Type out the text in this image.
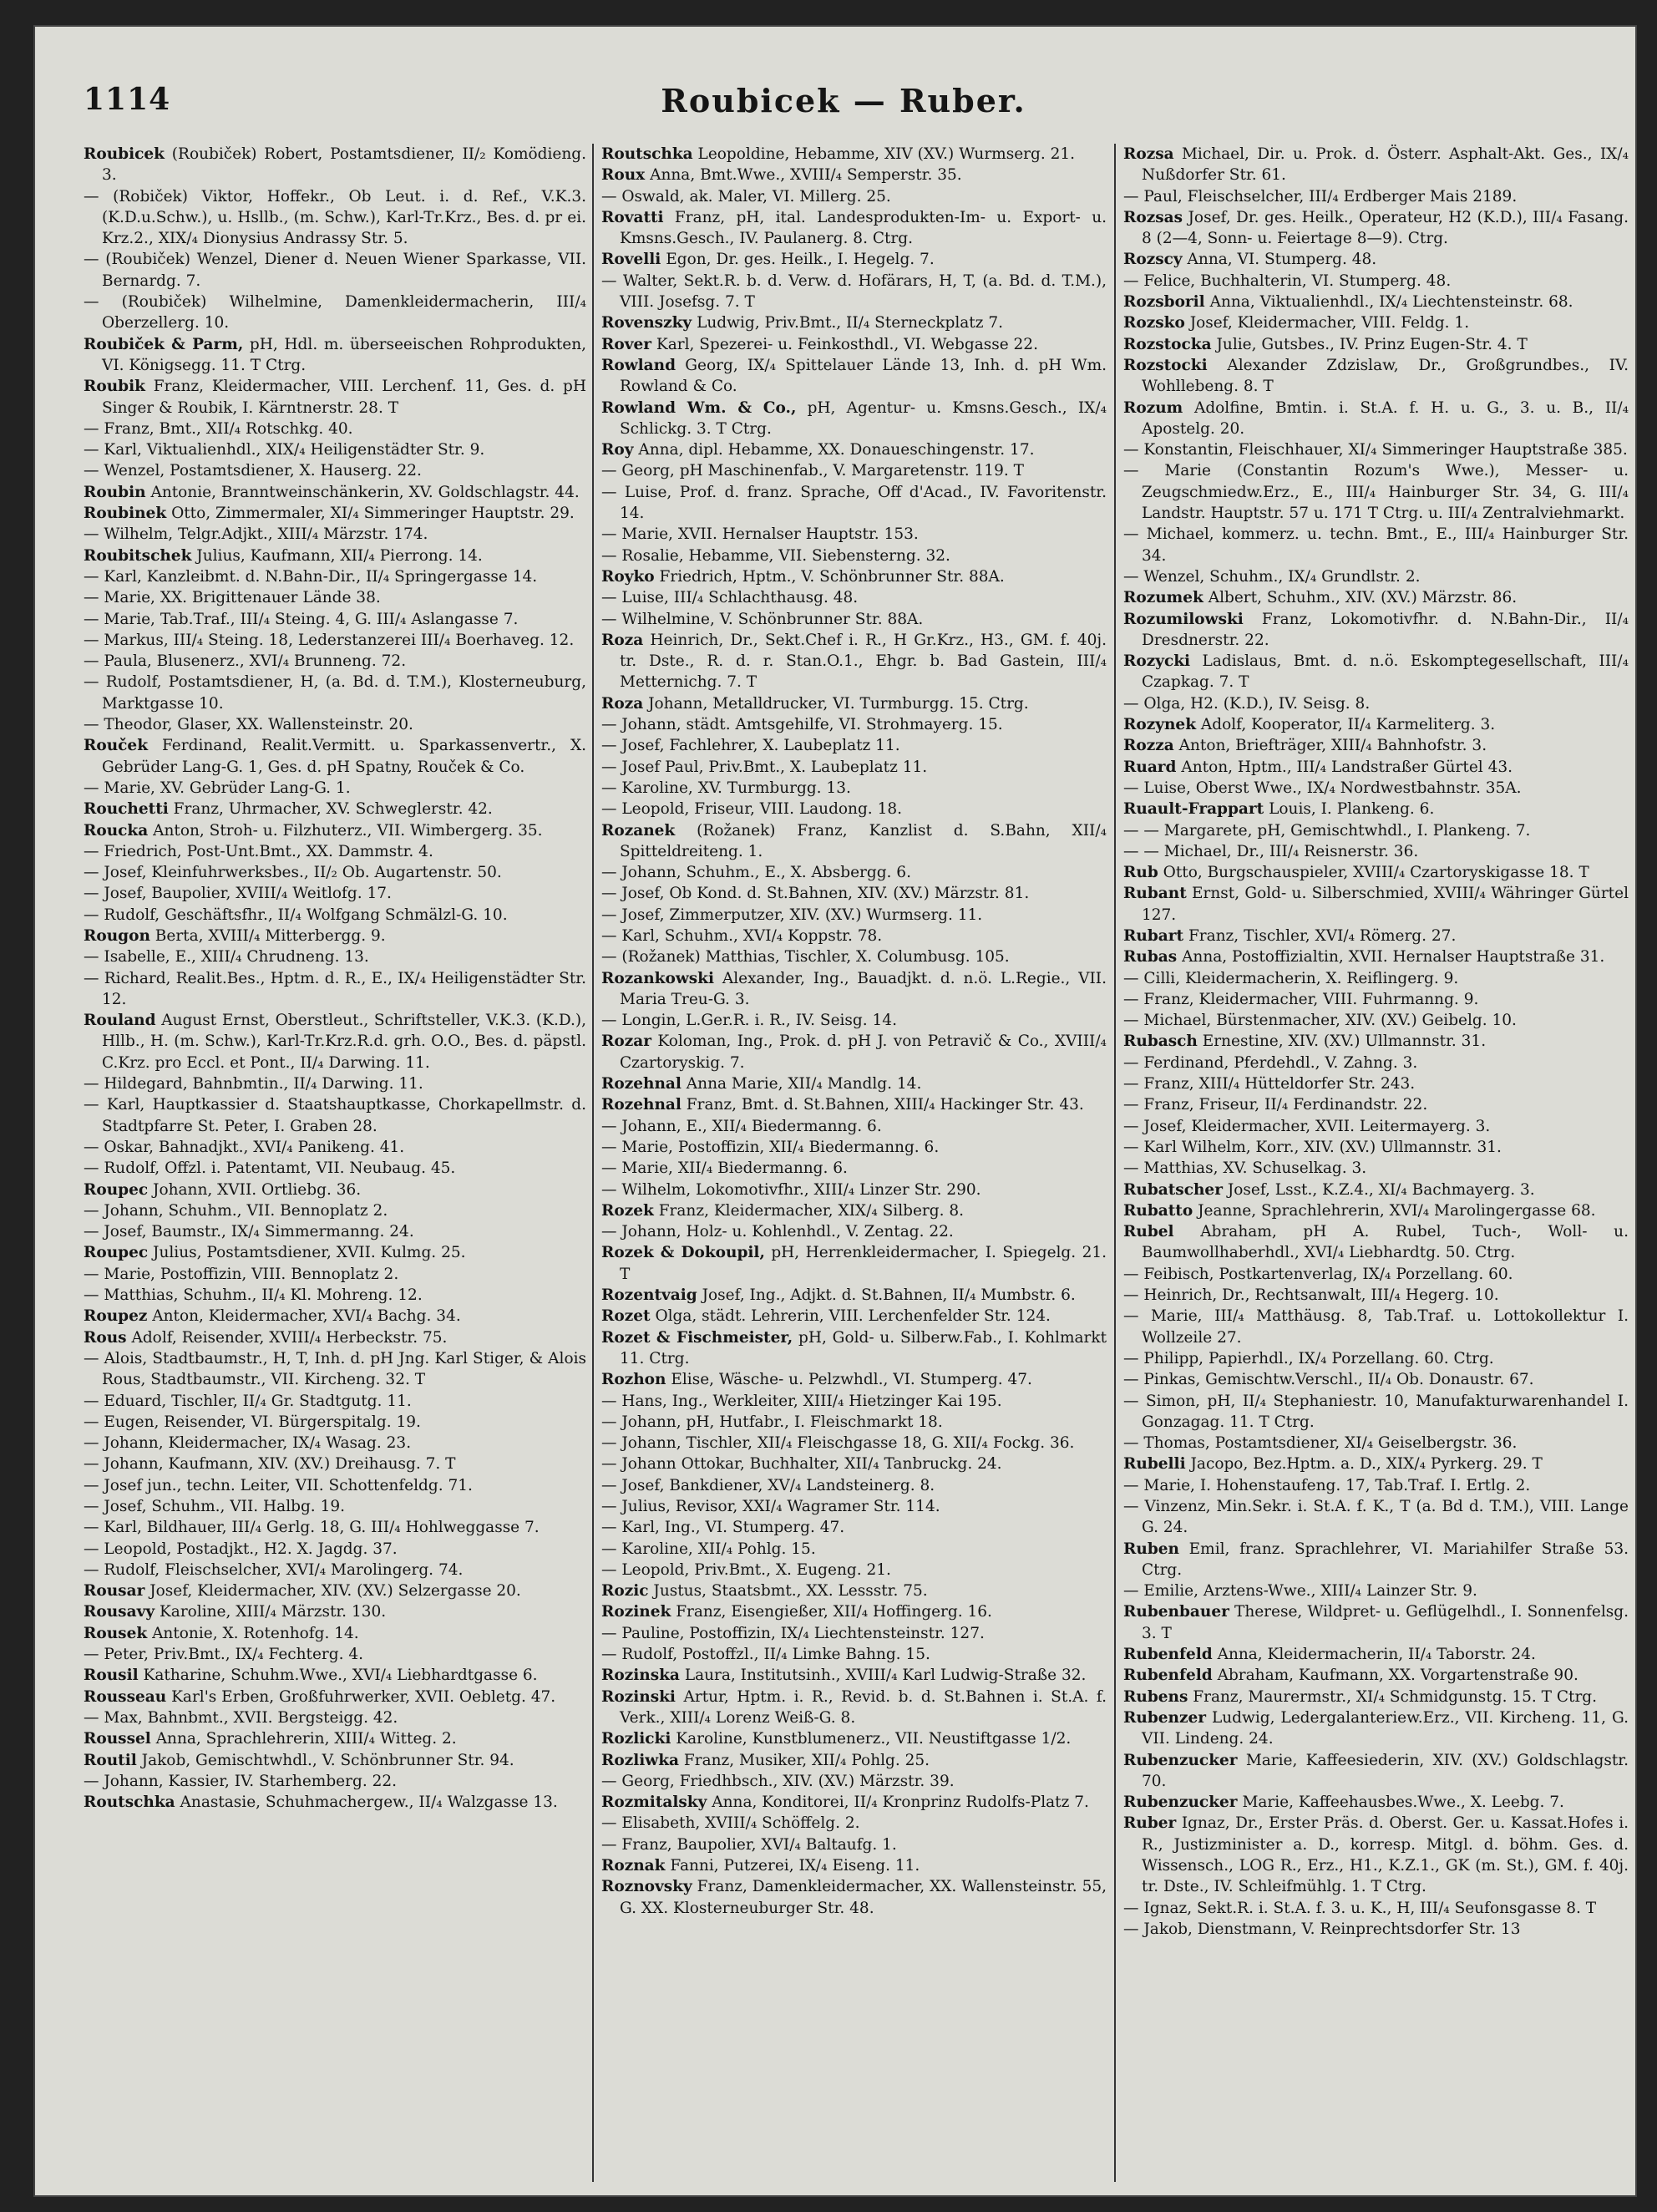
1114	Roubicek — Ruber.

Roubicek (Roubiček) Robert, Postamtsdiener, II/₂ Komödieng. 3.

— (Robiček) Viktor, Hoffekr., Ob Leut. i. d. Ref., V.K.3. (K.D.u.Schw.), u. Hsllb., (m. Schw.), Karl-Tr.Krz., Bes. d. pr ei. Krz.2., XIX/₄ Dionysius Andrassy Str. 5.

— (Roubiček) Wenzel, Diener d. Neuen Wiener Sparkasse, VII. Bernardg. 7.

— (Roubiček) Wilhelmine, Damenkleidermacherin, III/₄ Oberzellerg. 10.

Roubiček & Parm, pH, Hdl. m. überseeischen Rohprodukten, VI. Königsegg. 11. T Ctrg.

Roubik Franz, Kleidermacher, VIII. Lerchenf. 11, Ges. d. pH Singer & Roubik, I. Kärntnerstr. 28. T

— Franz, Bmt., XII/₄ Rotschkg. 40.

— Karl, Viktualienhdl., XIX/₄ Heiligenstädter Str. 9.

— Wenzel, Postamtsdiener, X. Hauserg. 22.

Roubin Antonie, Branntweinschänkerin, XV. Goldschlagstr. 44.

Roubinek Otto, Zimmermaler, XI/₄ Simmeringer Hauptstr. 29.

— Wilhelm, Telgr.Adjkt., XIII/₄ Märzstr. 174.

Roubitschek Julius, Kaufmann, XII/₄ Pierrong. 14.

— Karl, Kanzleibmt. d. N.Bahn-Dir., II/₄ Springergasse 14.

— Marie, XX. Brigittenauer Lände 38.

— Marie, Tab.Traf., III/₄ Steing. 4, G. III/₄ Aslangasse 7.

— Markus, III/₄ Steing. 18, Lederstanzerei III/₄ Boerhaveg. 12.

— Paula, Blusenerz., XVI/₄ Brunneng. 72.

— Rudolf, Postamtsdiener, H, (a. Bd. d. T.M.), Klosterneuburg, Marktgasse 10.

— Theodor, Glaser, XX. Wallensteinstr. 20.

Rouček Ferdinand, Realit.Vermitt. u. Sparkassenvertr., X. Gebrüder Lang-G. 1, Ges. d. pH Spatny, Rouček & Co.

— Marie, XV. Gebrüder Lang-G. 1.

Rouchetti Franz, Uhrmacher, XV. Schweglerstr. 42.

Roucka Anton, Stroh- u. Filzhuterz., VII. Wimbergerg. 35.

— Friedrich, Post-Unt.Bmt., XX. Dammstr. 4.

— Josef, Kleinfuhrwerksbes., II/₂ Ob. Augartenstr. 50.

— Josef, Baupolier, XVIII/₄ Weitlofg. 17.

— Rudolf, Geschäftsfhr., II/₄ Wolfgang Schmälzl-G. 10.

Rougon Berta, XVIII/₄ Mitterbergg. 9.

— Isabelle, E., XIII/₄ Chrudneng. 13.

— Richard, Realit.Bes., Hptm. d. R., E., IX/₄ Heiligenstädter Str. 12.

Rouland August Ernst, Oberstleut., Schriftsteller, V.K.3. (K.D.), Hllb., H. (m. Schw.), Karl-Tr.Krz.R.d. grh. O.O., Bes. d. päpstl. C.Krz. pro Eccl. et Pont., II/₄ Darwing. 11.

— Hildegard, Bahnbmtin., II/₄ Darwing. 11.

— Karl, Hauptkassier d. Staatshauptkasse, Chorkapellmstr. d. Stadtpfarre St. Peter, I. Graben 28.

— Oskar, Bahnadjkt., XVI/₄ Panikeng. 41.

— Rudolf, Offzl. i. Patentamt, VII. Neubaug. 45.

Roupec Johann, XVII. Ortliebg. 36.

— Johann, Schuhm., VII. Bennoplatz 2.

— Josef, Baumstr., IX/₄ Simmermanng. 24.

Roupec Julius, Postamtsdiener, XVII. Kulmg. 25.

— Marie, Postoffizin, VIII. Bennoplatz 2.

— Matthias, Schuhm., II/₄ Kl. Mohreng. 12.

Roupez Anton, Kleidermacher, XVI/₄ Bachg. 34.

Rous Adolf, Reisender, XVIII/₄ Herbeckstr. 75.

— Alois, Stadtbaumstr., H, T, Inh. d. pH Jng. Karl Stiger, & Alois Rous, Stadtbaumstr., VII. Kircheng. 32. T

— Eduard, Tischler, II/₄ Gr. Stadtgutg. 11.

— Eugen, Reisender, VI. Bürgerspitalg. 19.

— Johann, Kleidermacher, IX/₄ Wasag. 23.

— Johann, Kaufmann, XIV. (XV.) Dreihausg. 7. T

— Josef jun., techn. Leiter, VII. Schottenfeldg. 71.

— Josef, Schuhm., VII. Halbg. 19.

— Karl, Bildhauer, III/₄ Gerlg. 18, G. III/₄ Hohlweggasse 7.

— Leopold, Postadjkt., H2. X. Jagdg. 37.

— Rudolf, Fleischselcher, XVI/₄ Marolingerg. 74.

Rousar Josef, Kleidermacher, XIV. (XV.) Selzergasse 20.

Rousavy Karoline, XIII/₄ Märzstr. 130.

Rousek Antonie, X. Rotenhofg. 14.

— Peter, Priv.Bmt., IX/₄ Fechterg. 4.

Rousil Katharine, Schuhm.Wwe., XVI/₄ Liebhardtgasse 6.

Rousseau Karl's Erben, Großfuhrwerker, XVII. Oebletg. 47.

— Max, Bahnbmt., XVII. Bergsteigg. 42.

Roussel Anna, Sprachlehrerin, XIII/₄ Witteg. 2.

Routil Jakob, Gemischtwhdl., V. Schönbrunner Str. 94.

— Johann, Kassier, IV. Starhemberg. 22.

Routschka Anastasie, Schuhmachergew., II/₄ Walzgasse 13.

Routschka Leopoldine, Hebamme, XIV (XV.) Wurmserg. 21.

Roux Anna, Bmt.Wwe., XVIII/₄ Semperstr. 35.

— Oswald, ak. Maler, VI. Millerg. 25.

Rovatti Franz, pH, ital. Landesprodukten-Im- u. Export- u. Kmsns.Gesch., IV. Paulanerg. 8. Ctrg.

Rovelli Egon, Dr. ges. Heilk., I. Hegelg. 7.

— Walter, Sekt.R. b. d. Verw. d. Hofärars, H, T, (a. Bd. d. T.M.), VIII. Josefsg. 7. T

Rovenszky Ludwig, Priv.Bmt., II/₄ Sterneckplatz 7.

Rover Karl, Spezerei- u. Feinkosthdl., VI. Webgasse 22.

Rowland Georg, IX/₄ Spittelauer Lände 13, Inh. d. pH Wm. Rowland & Co.

Rowland Wm. & Co., pH, Agentur- u. Kmsns.Gesch., IX/₄ Schlickg. 3. T Ctrg.

Roy Anna, dipl. Hebamme, XX. Donaueschingenstr. 17.

— Georg, pH Maschinenfab., V. Margaretenstr. 119. T

— Luise, Prof. d. franz. Sprache, Off d'Acad., IV. Favoritenstr. 14.

— Marie, XVII. Hernalser Hauptstr. 153.

— Rosalie, Hebamme, VII. Siebensterng. 32.

Royko Friedrich, Hptm., V. Schönbrunner Str. 88A.

— Luise, III/₄ Schlachthausg. 48.

— Wilhelmine, V. Schönbrunner Str. 88A.

Roza Heinrich, Dr., Sekt.Chef i. R., H Gr.Krz., H3., GM. f. 40j. tr. Dste., R. d. r. Stan.O.1., Ehgr. b. Bad Gastein, III/₄ Metternichg. 7. T

Roza Johann, Metalldrucker, VI. Turmburgg. 15. Ctrg.

— Johann, städt. Amtsgehilfe, VI. Strohmayerg. 15.

— Josef, Fachlehrer, X. Laubeplatz 11.

— Josef Paul, Priv.Bmt., X. Laubeplatz 11.

— Karoline, XV. Turmburgg. 13.

— Leopold, Friseur, VIII. Laudong. 18.

Rozanek (Rožanek) Franz, Kanzlist d. S.Bahn, XII/₄ Spitteldreiteng. 1.

— Johann, Schuhm., E., X. Absbergg. 6.

— Josef, Ob Kond. d. St.Bahnen, XIV. (XV.) Märzstr. 81.

— Josef, Zimmerputzer, XIV. (XV.) Wurmserg. 11.

— Karl, Schuhm., XVI/₄ Koppstr. 78.

— (Rožanek) Matthias, Tischler, X. Columbusg. 105.

Rozankowski Alexander, Ing., Bauadjkt. d. n.ö. L.Regie., VII. Maria Treu-G. 3.

— Longin, L.Ger.R. i. R., IV. Seisg. 14.

Rozar Koloman, Ing., Prok. d. pH J. von Petravič & Co., XVIII/₄ Czartoryskig. 7.

Rozehnal Anna Marie, XII/₄ Mandlg. 14.

Rozehnal Franz, Bmt. d. St.Bahnen, XIII/₄ Hackinger Str. 43.

— Johann, E., XII/₄ Biedermanng. 6.

— Marie, Postoffizin, XII/₄ Biedermanng. 6.

— Marie, XII/₄ Biedermanng. 6.

— Wilhelm, Lokomotivfhr., XIII/₄ Linzer Str. 290.

Rozek Franz, Kleidermacher, XIX/₄ Silberg. 8.

— Johann, Holz- u. Kohlenhdl., V. Zentag. 22.

Rozek & Dokoupil, pH, Herrenkleidermacher, I. Spiegelg. 21. T

Rozentvaig Josef, Ing., Adjkt. d. St.Bahnen, II/₄ Mumbstr. 6.

Rozet Olga, städt. Lehrerin, VIII. Lerchenfelder Str. 124.

Rozet & Fischmeister, pH, Gold- u. Silberw.Fab., I. Kohlmarkt 11. Ctrg.

Rozhon Elise, Wäsche- u. Pelzwhdl., VI. Stumperg. 47.

— Hans, Ing., Werkleiter, XIII/₄ Hietzinger Kai 195.

— Johann, pH, Hutfabr., I. Fleischmarkt 18.

— Johann, Tischler, XII/₄ Fleischgasse 18, G. XII/₄ Fockg. 36.

— Johann Ottokar, Buchhalter, XII/₄ Tanbruckg. 24.

— Josef, Bankdiener, XV/₄ Landsteinerg. 8.

— Julius, Revisor, XXI/₄ Wagramer Str. 114.

— Karl, Ing., VI. Stumperg. 47.

— Karoline, XII/₄ Pohlg. 15.

— Leopold, Priv.Bmt., X. Eugeng. 21.

Rozic Justus, Staatsbmt., XX. Lessstr. 75.

Rozinek Franz, Eisengießer, XII/₄ Hoffingerg. 16.

— Pauline, Postoffizin, IX/₄ Liechtensteinstr. 127.

— Rudolf, Postoffzl., II/₄ Limke Bahng. 15.

Rozinska Laura, Institutsinh., XVIII/₄ Karl Ludwig-Straße 32.

Rozinski Artur, Hptm. i. R., Revid. b. d. St.Bahnen i. St.A. f. Verk., XIII/₄ Lorenz Weiß-G. 8.

Rozlicki Karoline, Kunstblumenerz., VII. Neustiftgasse 1/2.

Rozliwka Franz, Musiker, XII/₄ Pohlg. 25.

— Georg, Friedhbsch., XIV. (XV.) Märzstr. 39.

Rozmitalsky Anna, Konditorei, II/₄ Kronprinz Rudolfs-Platz 7.

— Elisabeth, XVIII/₄ Schöffelg. 2.

— Franz, Baupolier, XVI/₄ Baltaufg. 1.

Roznak Fanni, Putzerei, IX/₄ Eiseng. 11.

Roznovsky Franz, Damenkleidermacher, XX. Wallensteinstr. 55, G. XX. Klosterneuburger Str. 48.

Rozsa Michael, Dir. u. Prok. d. Österr. Asphalt-Akt. Ges., IX/₄ Nußdorfer Str. 61.

— Paul, Fleischselcher, III/₄ Erdberger Mais 2189.

Rozsas Josef, Dr. ges. Heilk., Operateur, H2 (K.D.), III/₄ Fasang. 8 (2—4, Sonn- u. Feiertage 8—9). Ctrg.

Rozscy Anna, VI. Stumperg. 48.

— Felice, Buchhalterin, VI. Stumperg. 48.

Rozsboril Anna, Viktualienhdl., IX/₄ Liechtensteinstr. 68.

Rozsko Josef, Kleidermacher, VIII. Feldg. 1.

Rozstocka Julie, Gutsbes., IV. Prinz Eugen-Str. 4. T

Rozstocki Alexander Zdzislaw, Dr., Großgrundbes., IV. Wohllebeng. 8. T

Rozum Adolfine, Bmtin. i. St.A. f. H. u. G., 3. u. B., II/₄ Apostelg. 20.

— Konstantin, Fleischhauer, XI/₄ Simmeringer Hauptstraße 385.

— Marie (Constantin Rozum's Wwe.), Messer- u. Zeugschmiedw.Erz., E., III/₄ Hainburger Str. 34, G. III/₄ Landstr. Hauptstr. 57 u. 171 T Ctrg. u. III/₄ Zentralviehmarkt.

— Michael, kommerz. u. techn. Bmt., E., III/₄ Hainburger Str. 34.

— Wenzel, Schuhm., IX/₄ Grundlstr. 2.

Rozumek Albert, Schuhm., XIV. (XV.) Märzstr. 86.

Rozumilowski Franz, Lokomotivfhr. d. N.Bahn-Dir., II/₄ Dresdnerstr. 22.

Rozycki Ladislaus, Bmt. d. n.ö. Eskomptegesellschaft, III/₄ Czapkag. 7. T

— Olga, H2. (K.D.), IV. Seisg. 8.

Rozynek Adolf, Kooperator, II/₄ Karmeliterg. 3.

Rozza Anton, Briefträger, XIII/₄ Bahnhofstr. 3.

Ruard Anton, Hptm., III/₄ Landstraßer Gürtel 43.

— Luise, Oberst Wwe., IX/₄ Nordwestbahnstr. 35A.

Ruault-Frappart Louis, I. Plankeng. 6.

— — Margarete, pH, Gemischtwhdl., I. Plankeng. 7.

— — Michael, Dr., III/₄ Reisnerstr. 36.

Rub Otto, Burgschauspieler, XVIII/₄ Czartoryskigasse 18. T

Rubant Ernst, Gold- u. Silberschmied, XVIII/₄ Währinger Gürtel 127.

Rubart Franz, Tischler, XVI/₄ Römerg. 27.

Rubas Anna, Postoffizialtin, XVII. Hernalser Hauptstraße 31.

— Cilli, Kleidermacherin, X. Reiflingerg. 9.

— Franz, Kleidermacher, VIII. Fuhrmanng. 9.

— Michael, Bürstenmacher, XIV. (XV.) Geibelg. 10.

Rubasch Ernestine, XIV. (XV.) Ullmannstr. 31.

— Ferdinand, Pferdehdl., V. Zahng. 3.

— Franz, XIII/₄ Hütteldorfer Str. 243.

— Franz, Friseur, II/₄ Ferdinandstr. 22.

— Josef, Kleidermacher, XVII. Leitermayerg. 3.

— Karl Wilhelm, Korr., XIV. (XV.) Ullmannstr. 31.

— Matthias, XV. Schuselkag. 3.

Rubatscher Josef, Lsst., K.Z.4., XI/₄ Bachmayerg. 3.

Rubatto Jeanne, Sprachlehrerin, XVI/₄ Marolingergasse 68.

Rubel Abraham, pH A. Rubel, Tuch-, Woll- u. Baumwollhaberhdl., XVI/₄ Liebhardtg. 50. Ctrg.

— Feibisch, Postkartenverlag, IX/₄ Porzellang. 60.

— Heinrich, Dr., Rechtsanwalt, III/₄ Hegerg. 10.

— Marie, III/₄ Matthäusg. 8, Tab.Traf. u. Lottokollektur I. Wollzeile 27.

— Philipp, Papierhdl., IX/₄ Porzellang. 60. Ctrg.

— Pinkas, Gemischtw.Verschl., II/₄ Ob. Donaustr. 67.

— Simon, pH, II/₄ Stephaniestr. 10, Manufakturwarenhandel I. Gonzagag. 11. T Ctrg.

— Thomas, Postamtsdiener, XI/₄ Geiselbergstr. 36.

Rubelli Jacopo, Bez.Hptm. a. D., XIX/₄ Pyrkerg. 29. T

— Marie, I. Hohenstaufeng. 17, Tab.Traf. I. Ertlg. 2.

— Vinzenz, Min.Sekr. i. St.A. f. K., T (a. Bd d. T.M.), VIII. Lange G. 24.

Ruben Emil, franz. Sprachlehrer, VI. Mariahilfer Straße 53. Ctrg.

— Emilie, Arztens-Wwe., XIII/₄ Lainzer Str. 9.

Rubenbauer Therese, Wildpret- u. Geflügelhdl., I. Sonnenfelsg. 3. T

Rubenfeld Anna, Kleidermacherin, II/₄ Taborstr. 24.

Rubenfeld Abraham, Kaufmann, XX. Vorgartenstraße 90.

Rubens Franz, Maurermstr., XI/₄ Schmidgunstg. 15. T Ctrg.

Rubenzer Ludwig, Ledergalanteriew.Erz., VII. Kircheng. 11, G. VII. Lindeng. 24.

Rubenzucker Marie, Kaffeesiederin, XIV. (XV.) Goldschlagstr. 70.

Rubenzucker Marie, Kaffeehausbes.Wwe., X. Leebg. 7.

Ruber Ignaz, Dr., Erster Präs. d. Oberst. Ger. u. Kassat.Hofes i. R., Justizminister a. D., korresp. Mitgl. d. böhm. Ges. d. Wissensch., LOG R., Erz., H1., K.Z.1., GK (m. St.), GM. f. 40j. tr. Dste., IV. Schleifmühlg. 1. T Ctrg.

— Ignaz, Sekt.R. i. St.A. f. 3. u. K., H, III/₄ Seufonsgasse 8. T

— Jakob, Dienstmann, V. Reinprechtsdorfer Str. 13
